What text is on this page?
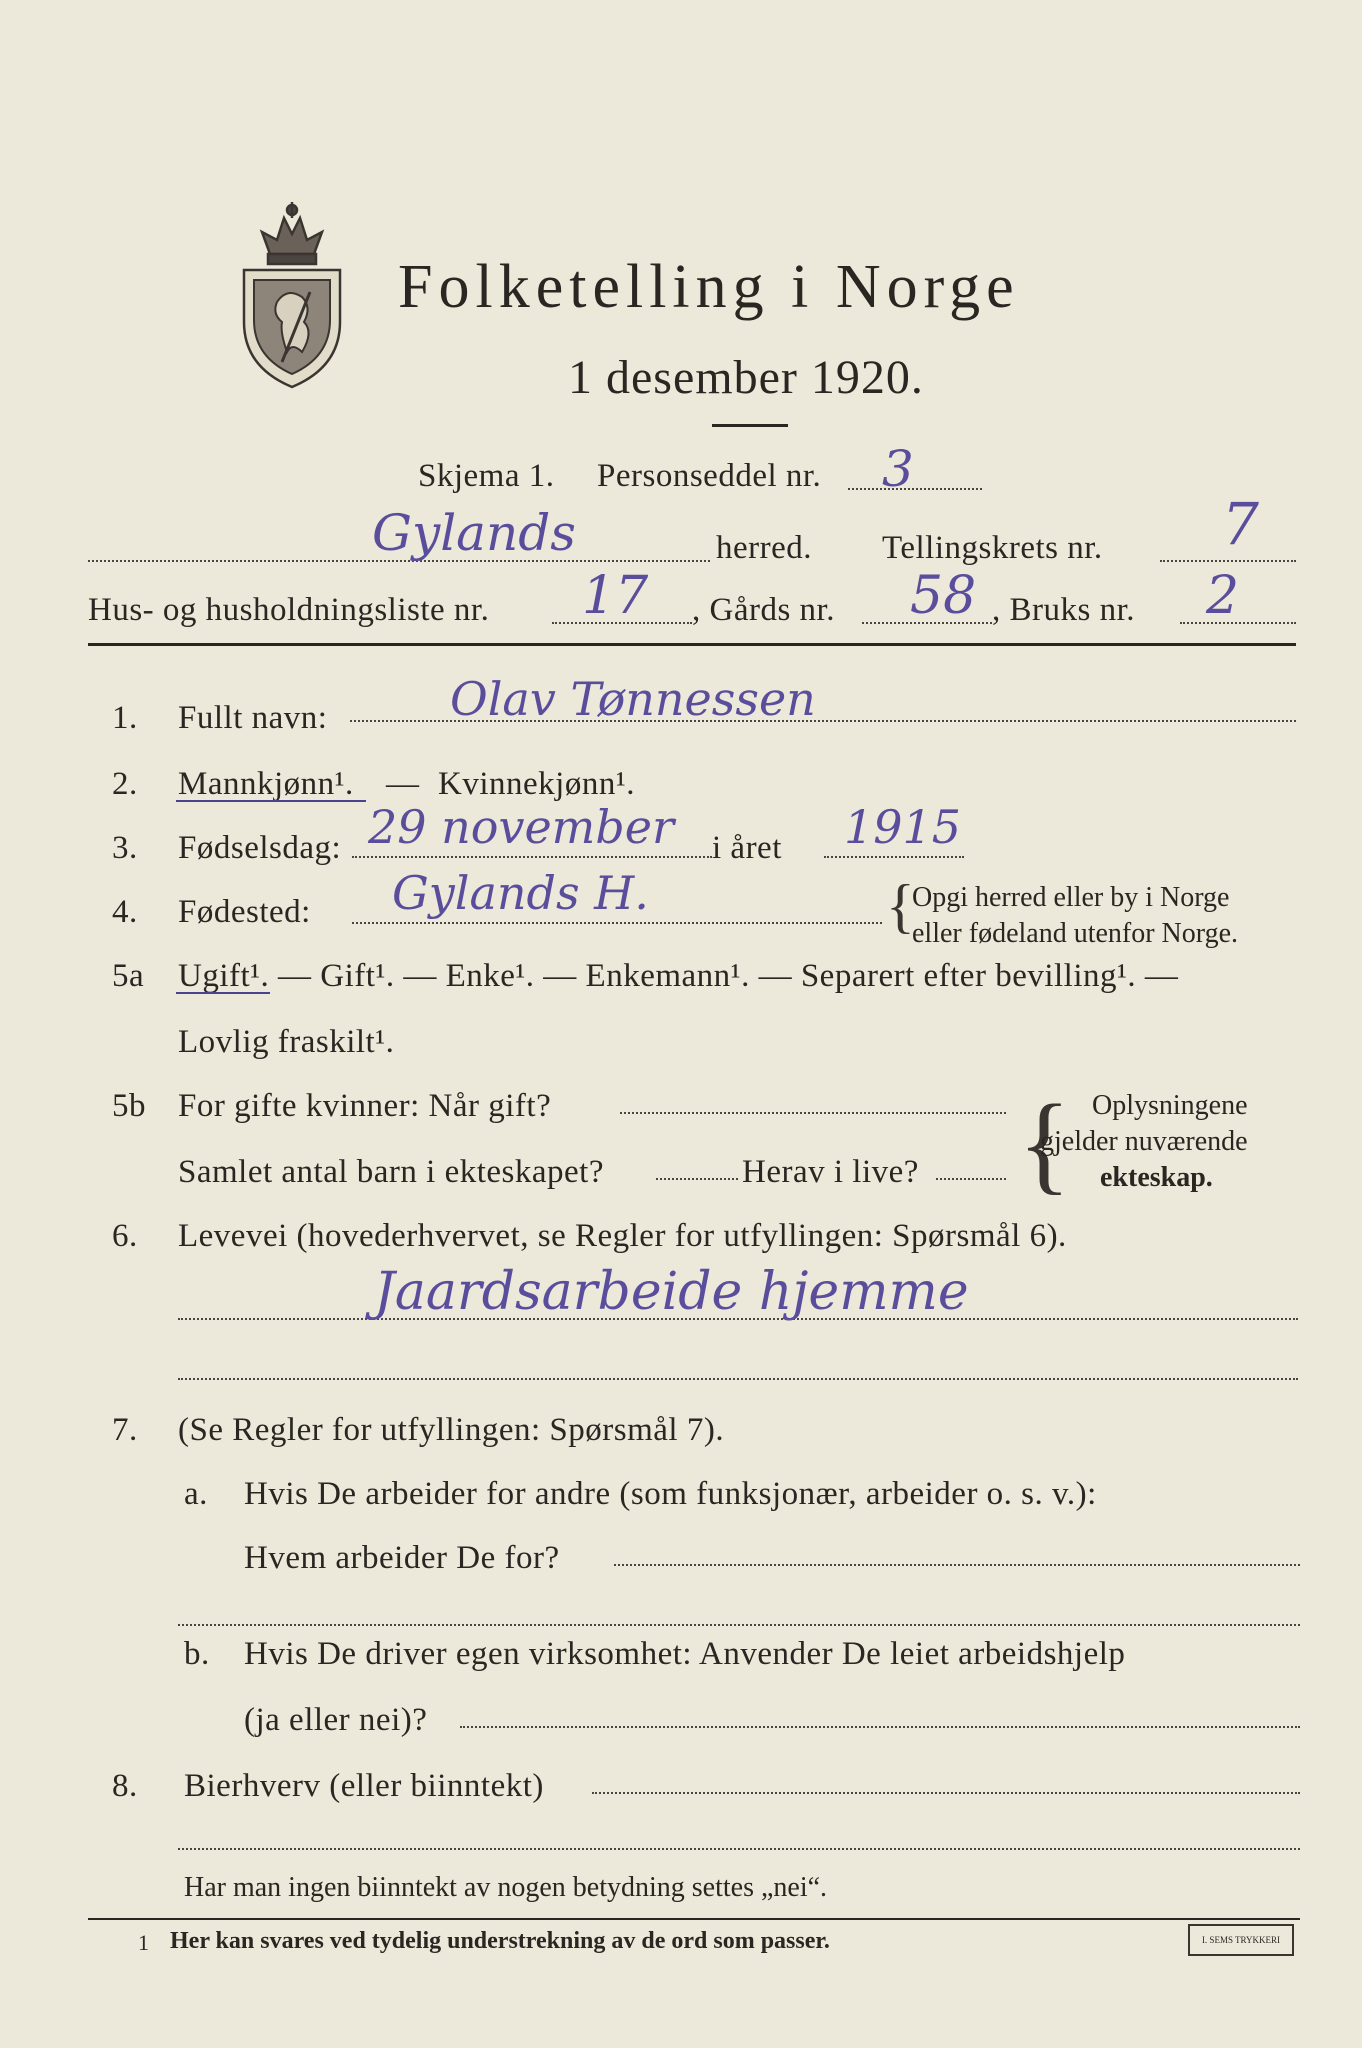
Folketelling i Norge
1 desember 1920.
Skjema 1. Personseddel nr. 3
Gylands	herred. Tellingskrets nr. 7
Hus- og husholdningsliste nr. 17 , Gårds nr. 58 , Bruks nr. 2
1. Fullt navn:	Olav Tønnessen
2. Mannkjønn¹. — Kvinnekjønn¹.
3. Fødselsdag: 29 november i året 1915
4. Fødested: Gylands H.	{
Opgi herred eller by i Norge
eller fødeland utenfor Norge.
5a Ugift¹. — Gift¹. — Enke¹. — Enkemann¹. — Separert efter bevilling¹. —
Lovlig fraskilt¹.
5b For gifte kvinner: Når gift?
Samlet antal barn i ekteskapet?	Herav i live? { Oplysningene
gjelder nuværende
ekteskap.
6. Levevei (hovederhvervet, se Regler for utfyllingen: Spørsmål 6).
Jaardsarbeide hjemme
7. (Se Regler for utfyllingen: Spørsmål 7).
a. Hvis De arbeider for andre (som funksjonær, arbeider o. s. v.):
Hvem arbeider De for?
b. Hvis De driver egen virksomhet: Anvender De leiet arbeidshjelp
(ja eller nei)?
8. Bierhverv (eller biinntekt)
Har man ingen biinntekt av nogen betydning settes „nei“.
1 Her kan svares ved tydelig understrekning av de ord som passer.	I. SEMS TRYKKERI
